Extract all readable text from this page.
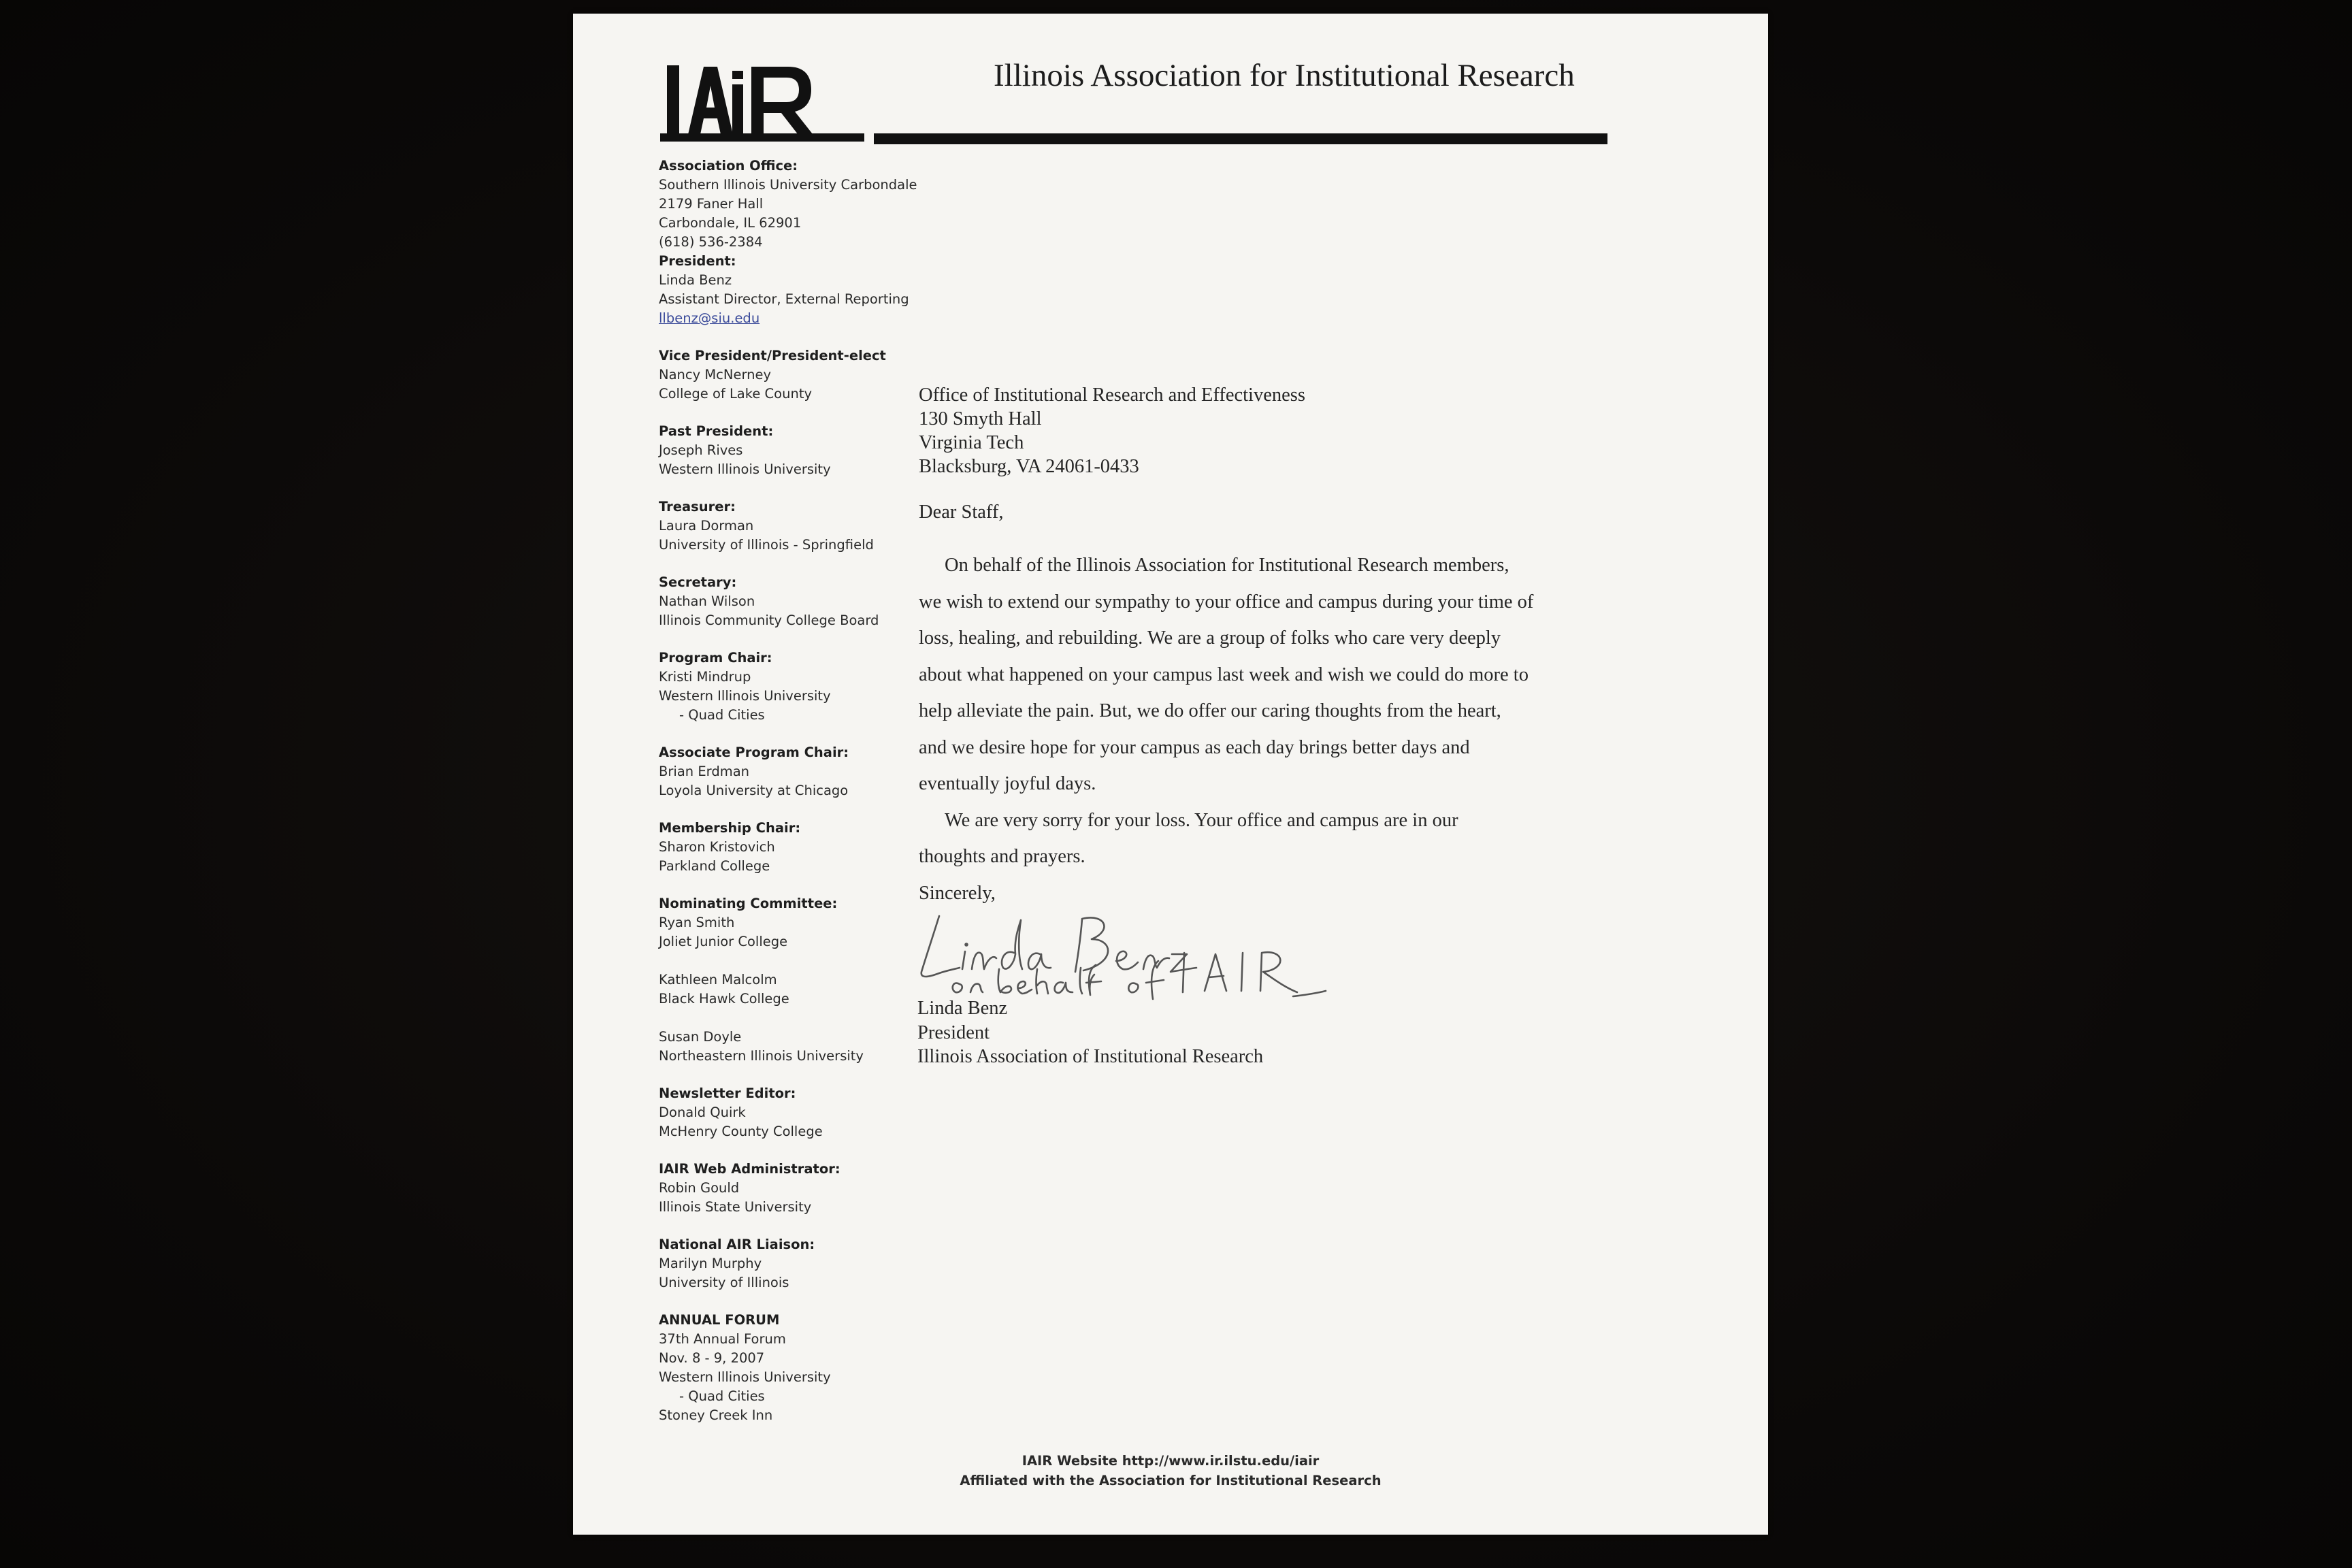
Illinois Association for Institutional Research
Association Office:
Southern Illinois University Carbondale
2179 Faner Hall
Carbondale, IL 62901
(618) 536-2384
President:
Linda Benz
Assistant Director, External Reporting
llbenz@siu.edu
Vice President/President-elect
Nancy McNerney
College of Lake County
Past President:
Joseph Rives
Western Illinois University
Treasurer:
Laura Dorman
University of Illinois - Springfield
Secretary:
Nathan Wilson
Illinois Community College Board
Program Chair:
Kristi Mindrup
Western Illinois University
- Quad Cities
Associate Program Chair:
Brian Erdman
Loyola University at Chicago
Membership Chair:
Sharon Kristovich
Parkland College
Nominating Committee:
Ryan Smith
Joliet Junior College
Kathleen Malcolm
Black Hawk College
Susan Doyle
Northeastern Illinois University
Newsletter Editor:
Donald Quirk
McHenry County College
IAIR Web Administrator:
Robin Gould
Illinois State University
National AIR Liaison:
Marilyn Murphy
University of Illinois
ANNUAL FORUM
37th Annual Forum
Nov. 8 - 9, 2007
Western Illinois University
- Quad Cities
Stoney Creek Inn
Office of Institutional Research and Effectiveness
130 Smyth Hall
Virginia Tech
Blacksburg, VA 24061-0433
Dear Staff,
On behalf of the Illinois Association for Institutional Research members,
we wish to extend our sympathy to your office and campus during your time of
loss, healing, and rebuilding. We are a group of folks who care very deeply
about what happened on your campus last week and wish we could do more to
help alleviate the pain. But, we do offer our caring thoughts from the heart,
and we desire hope for your campus as each day brings better days and
eventually joyful days.
We are very sorry for your loss. Your office and campus are in our
thoughts and prayers.
Sincerely,
Linda Benz
President
Illinois Association of Institutional Research
IAIR Website http://www.ir.ilstu.edu/iair
Affiliated with the Association for Institutional Research
